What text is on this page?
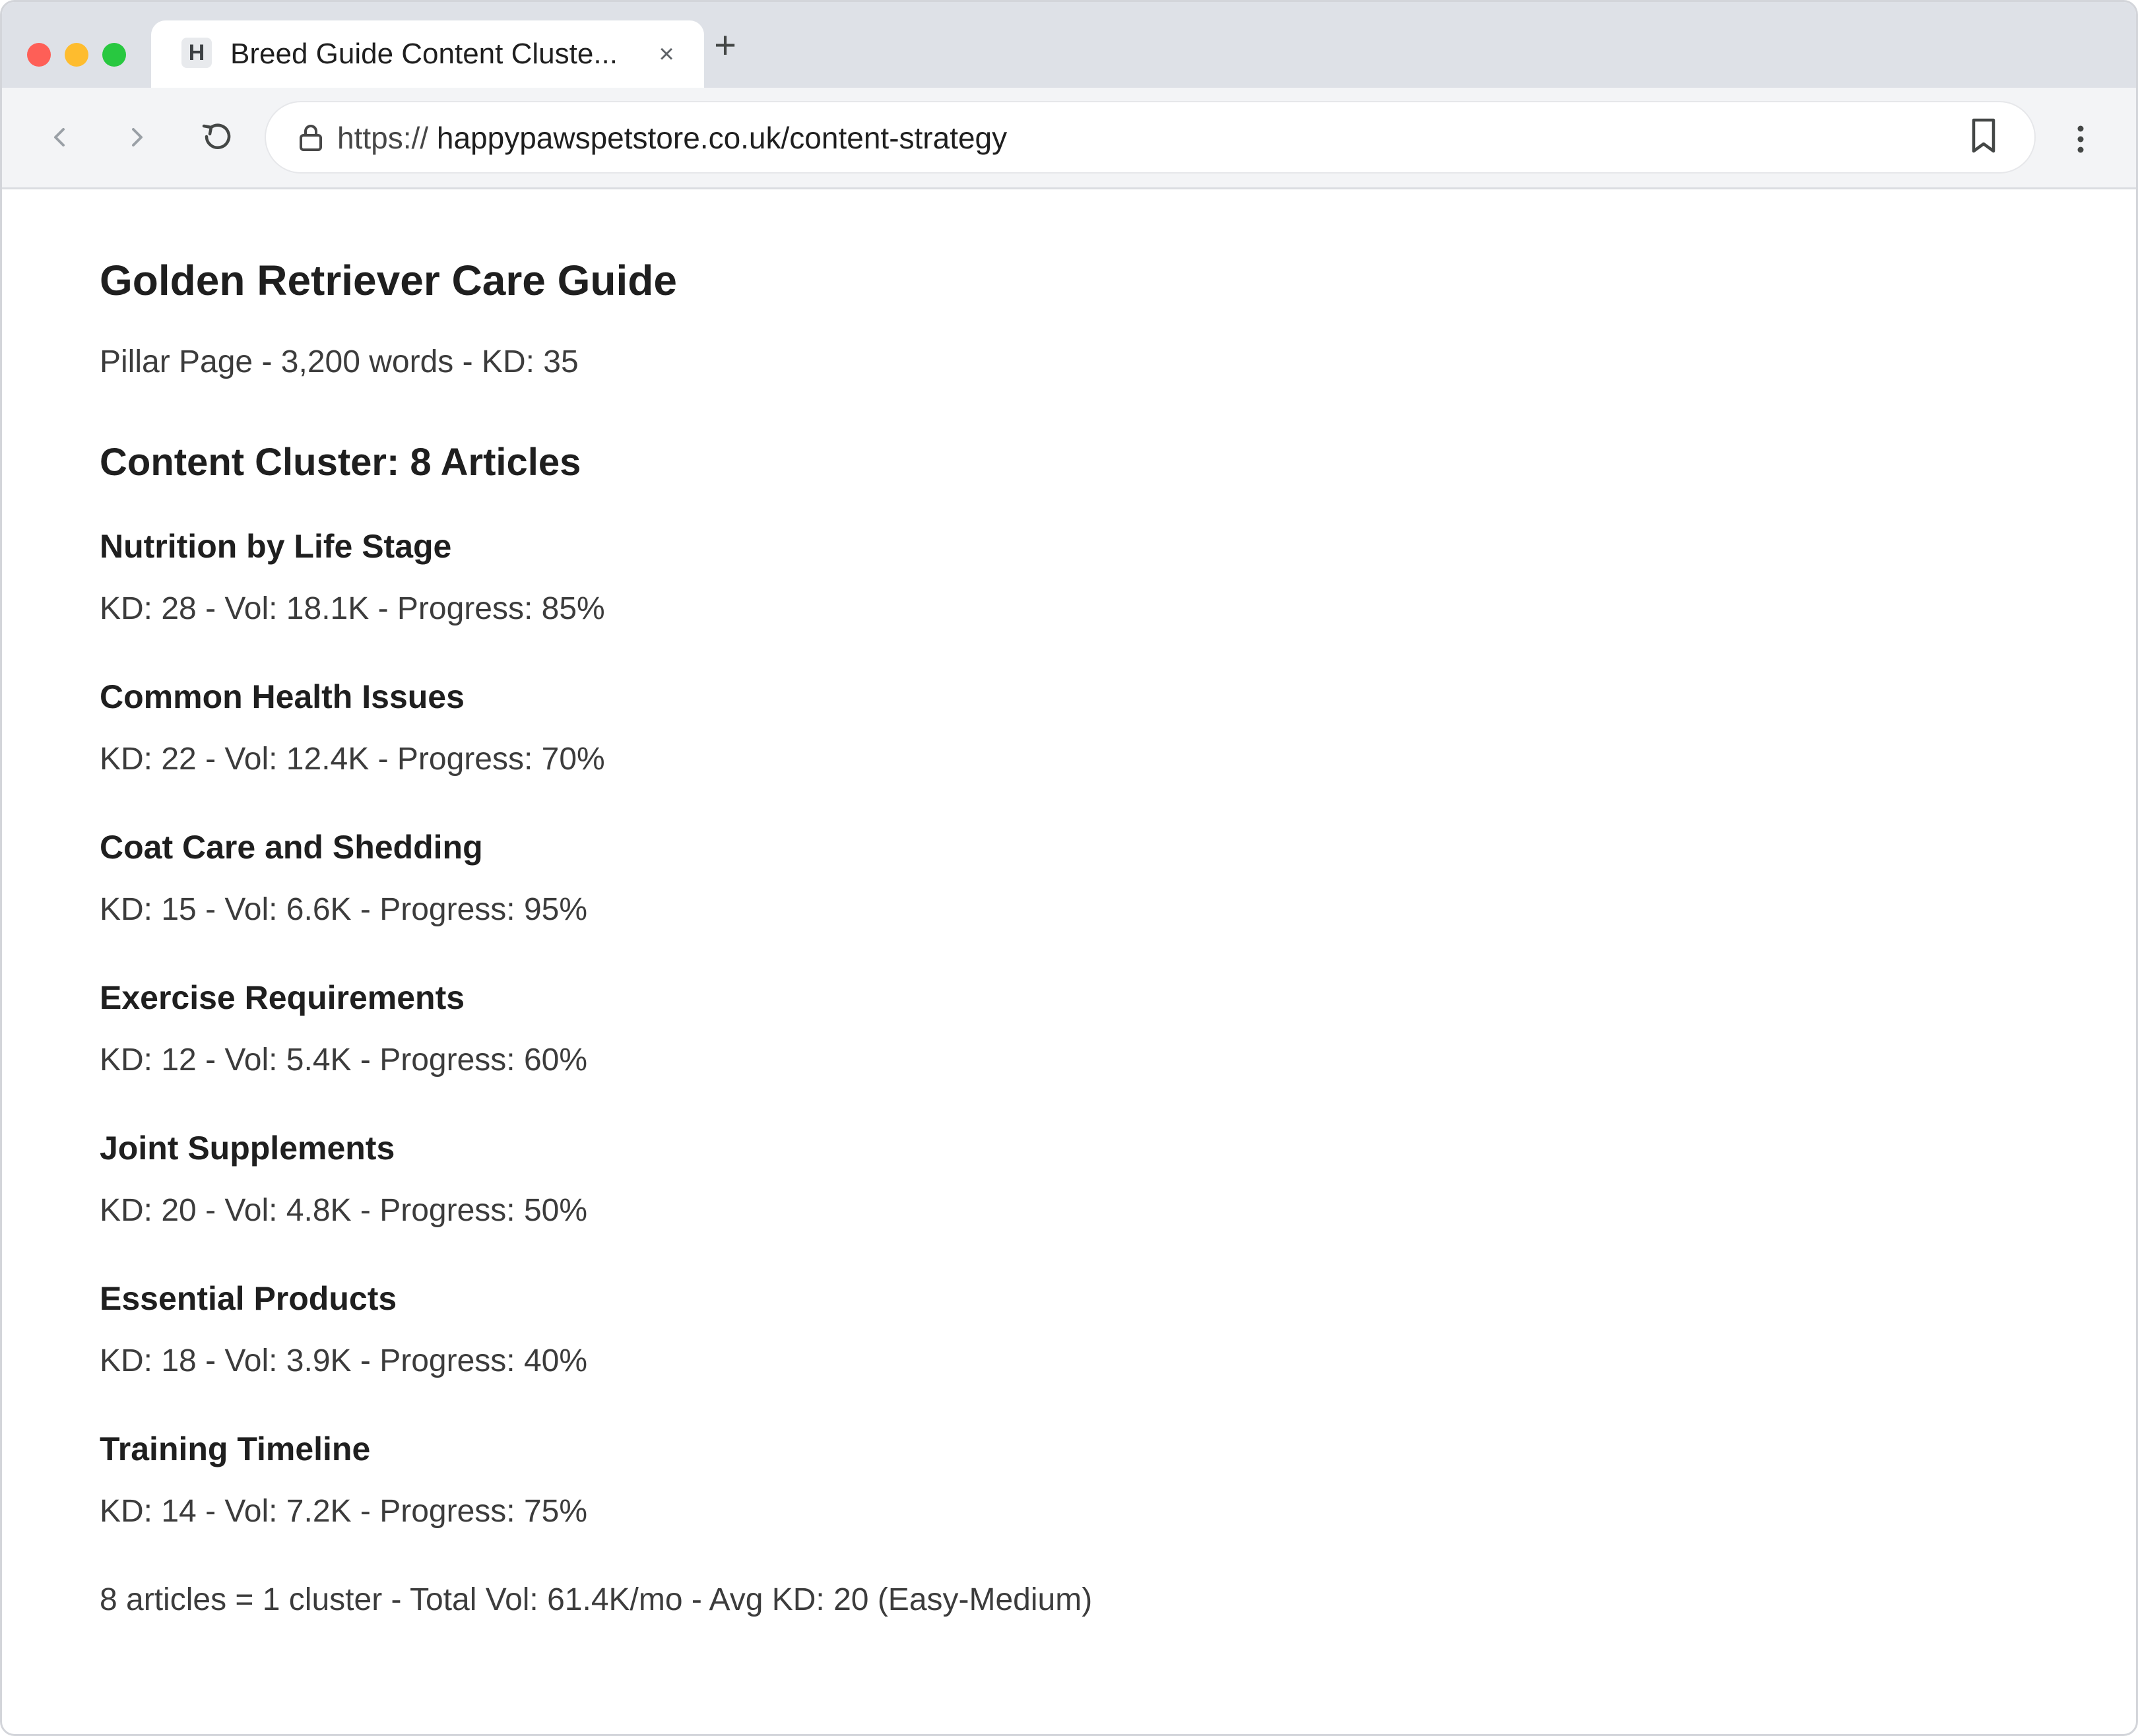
H Breed Guide Content Cluste...	× +
https:// happypawspetstore.co.uk/content-strategy
Golden Retriever Care Guide
Pillar Page - 3,200 words - KD: 35
Content Cluster: 8 Articles
Nutrition by Life Stage
KD: 28 - Vol: 18.1K - Progress: 85%
Common Health Issues
KD: 22 - Vol: 12.4K - Progress: 70%
Coat Care and Shedding
KD: 15 - Vol: 6.6K - Progress: 95%
Exercise Requirements
KD: 12 - Vol: 5.4K - Progress: 60%
Joint Supplements
KD: 20 - Vol: 4.8K - Progress: 50%
Essential Products
KD: 18 - Vol: 3.9K - Progress: 40%
Training Timeline
KD: 14 - Vol: 7.2K - Progress: 75%
8 articles = 1 cluster - Total Vol: 61.4K/mo - Avg KD: 20 (Easy-Medium)
